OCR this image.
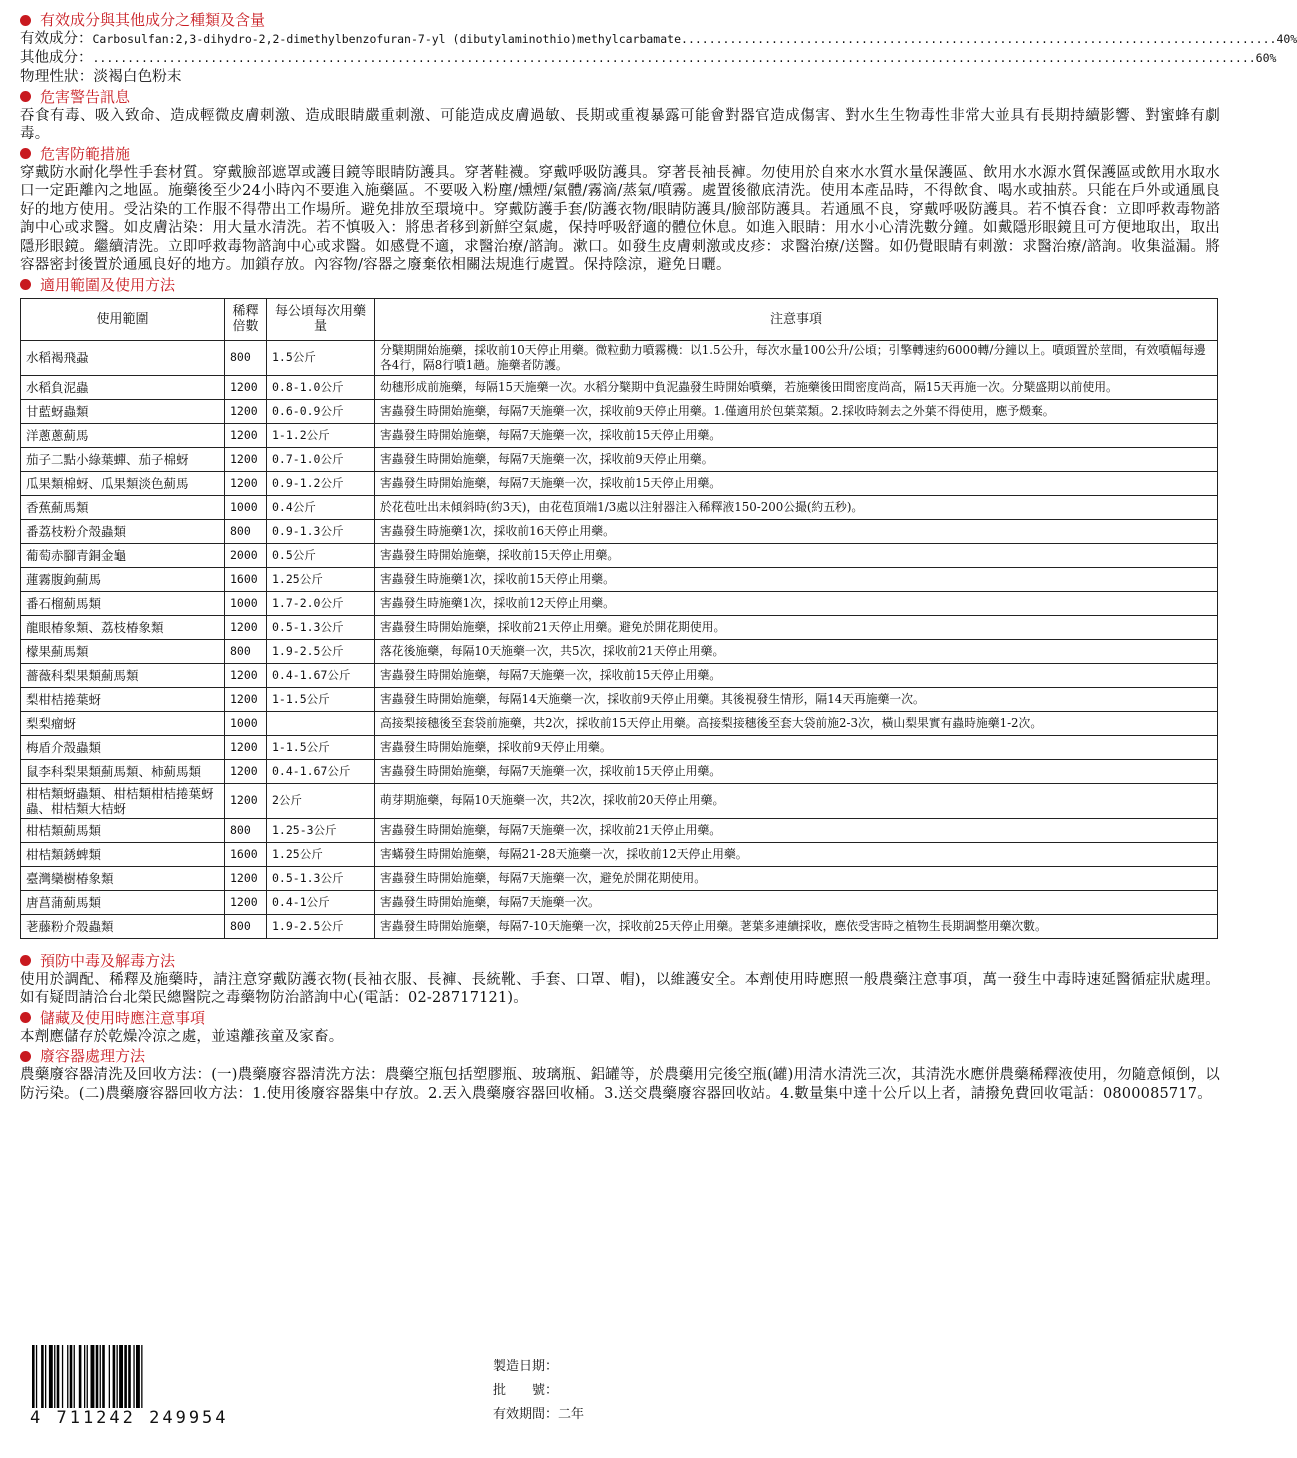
有效成分與其他成分之種類及含量
有效成分： Carbosulfan:2,3-dihydro-2,2-dimethylbenzofuran-7-yl (dibutylaminothio)methylcarbamate...................................................................................... 40%
其他成分： ........................................................................................................................................................................ 60%
物理性狀：淡褐白色粉末
危害警告訊息
吞食有毒、吸入致命、造成輕微皮膚刺激、造成眼睛嚴重刺激、可能造成皮膚過敏、長期或重複暴露可能會對器官造成傷害、對水生生物毒性非常大並具有長期持續影響、對蜜蜂有劇毒。
危害防範措施
穿戴防水耐化學性手套材質。穿戴臉部遮罩或護目鏡等眼睛防護具。穿著鞋襪。穿戴呼吸防護具。穿著長袖長褲。勿使用於自來水水質水量保護區、飲用水水源水質保護區或飲用水取水口一定距離內之地區。施藥後至少24小時內不要進入施藥區。不要吸入粉塵/燻煙/氣體/霧滴/蒸氣/噴霧。處置後徹底清洗。使用本產品時，不得飲食、喝水或抽菸。只能在戶外或通風良好的地方使用。受沾染的工作服不得帶出工作場所。避免排放至環境中。穿戴防護手套/防護衣物/眼睛防護具/臉部防護具。若通風不良，穿戴呼吸防護具。若不慎吞食：立即呼救毒物諮詢中心或求醫。如皮膚沾染：用大量水清洗。若不慎吸入：將患者移到新鮮空氣處，保持呼吸舒適的體位休息。如進入眼睛：用水小心清洗數分鐘。如戴隱形眼鏡且可方便地取出，取出隱形眼鏡。繼續清洗。立即呼救毒物諮詢中心或求醫。如感覺不適，求醫治療/諮詢。漱口。如發生皮膚刺激或皮疹：求醫治療/送醫。如仍覺眼睛有刺激：求醫治療/諮詢。收集溢漏。將容器密封後置於通風良好的地方。加鎖存放。內容物/容器之廢棄依相關法規進行處置。保持陰涼，避免日曬。
適用範圍及使用方法
使用範圍	稀釋倍數	每公頃每次用藥量	注意事項
水稻褐飛蝨	800	1.5公斤	分櫱期開始施藥，採收前10天停止用藥。微粒動力噴霧機：以1.5公升，每次水量100公升/公頃；引擎轉速約6000轉/分鐘以上。噴頭置於莖間，有效噴幅每邊各4行，隔8行噴1趟。施藥者防護。
水稻負泥蟲	1200	0.8-1.0公斤	幼穗形成前施藥，每隔15天施藥一次。水稻分櫱期中負泥蟲發生時開始噴藥，若施藥後田間密度尚高，隔15天再施一次。分櫱盛期以前使用。
甘藍蚜蟲類	1200	0.6-0.9公斤	害蟲發生時開始施藥，每隔7天施藥一次，採收前9天停止用藥。1.僅適用於包葉菜類。2.採收時剝去之外葉不得使用，應予燬棄。
洋蔥蔥薊馬	1200	1-1.2公斤	害蟲發生時開始施藥，每隔7天施藥一次，採收前15天停止用藥。
茄子二點小綠葉蟬、茄子棉蚜	1200	0.7-1.0公斤	害蟲發生時開始施藥，每隔7天施藥一次，採收前9天停止用藥。
瓜果類棉蚜、瓜果類淡色薊馬	1200	0.9-1.2公斤	害蟲發生時開始施藥，每隔7天施藥一次，採收前15天停止用藥。
香蕉薊馬類	1000	0.4公斤	於花苞吐出未傾斜時(約3天)，由花苞頂端1/3處以注射器注入稀釋液150-200公撮(約五秒)。
番荔枝粉介殼蟲類	800	0.9-1.3公斤	害蟲發生時施藥1次，採收前16天停止用藥。
葡萄赤腳青銅金龜	2000	0.5公斤	害蟲發生時開始施藥，採收前15天停止用藥。
蓮霧腹鉤薊馬	1600	1.25公斤	害蟲發生時施藥1次，採收前15天停止用藥。
番石榴薊馬類	1000	1.7-2.0公斤	害蟲發生時施藥1次，採收前12天停止用藥。
龍眼椿象類、荔枝椿象類	1200	0.5-1.3公斤	害蟲發生時開始施藥，採收前21天停止用藥。避免於開花期使用。
檬果薊馬類	800	1.9-2.5公斤	落花後施藥，每隔10天施藥一次，共5次，採收前21天停止用藥。
薔薇科梨果類薊馬類	1200	0.4-1.67公斤	害蟲發生時開始施藥，每隔7天施藥一次，採收前15天停止用藥。
梨柑桔捲葉蚜	1200	1-1.5公斤	害蟲發生時開始施藥，每隔14天施藥一次，採收前9天停止用藥。其後視發生情形，隔14天再施藥一次。
梨梨瘤蚜	1000		高接梨接穗後至套袋前施藥，共2次，採收前15天停止用藥。高接梨接穗後至套大袋前施2-3次，橫山梨果實有蟲時施藥1-2次。
梅盾介殼蟲類	1200	1-1.5公斤	害蟲發生時開始施藥，採收前9天停止用藥。
鼠李科梨果類薊馬類、柿薊馬類	1200	0.4-1.67公斤	害蟲發生時開始施藥，每隔7天施藥一次，採收前15天停止用藥。
柑桔類蚜蟲類、柑桔類柑桔捲葉蚜蟲、柑桔類大桔蚜	1200	2公斤	萌芽期施藥，每隔10天施藥一次，共2次，採收前20天停止用藥。
柑桔類薊馬類	800	1.25-3公斤	害蟲發生時開始施藥，每隔7天施藥一次，採收前21天停止用藥。
柑桔類銹蜱類	1600	1.25公斤	害蟎發生時開始施藥，每隔21-28天施藥一次，採收前12天停止用藥。
臺灣欒樹椿象類	1200	0.5-1.3公斤	害蟲發生時開始施藥，每隔7天施藥一次，避免於開花期使用。
唐菖蒲薊馬類	1200	0.4-1公斤	害蟲發生時開始施藥，每隔7天施藥一次。
荖藤粉介殼蟲類	800	1.9-2.5公斤	害蟲發生時開始施藥，每隔7-10天施藥一次，採收前25天停止用藥。荖葉多連續採收，應依受害時之植物生長期調整用藥次數。
預防中毒及解毒方法
使用於調配、稀釋及施藥時，請注意穿戴防護衣物(長袖衣服、長褲、長統靴、手套、口罩、帽)，以維護安全。本劑使用時應照一般農藥注意事項，萬一發生中毒時速延醫循症狀處理。如有疑問請洽台北榮民總醫院之毒藥物防治諮詢中心(電話：02-28717121)。
儲藏及使用時應注意事項
本劑應儲存於乾燥冷涼之處，並遠離孩童及家畜。
廢容器處理方法
農藥廢容器清洗及回收方法：(一)農藥廢容器清洗方法：農藥空瓶包括塑膠瓶、玻璃瓶、鋁罐等，於農藥用完後空瓶(罐)用清水清洗三次，其清洗水應併農藥稀釋液使用，勿隨意傾倒，以防污染。(二)農藥廢容器回收方法：1.使用後廢容器集中存放。2.丟入農藥廢容器回收桶。3.送交農藥廢容器回收站。4.數量集中達十公斤以上者，請撥免費回收電話：0800085717。
4 711242 249954
製造日期：
批　　號：
有效期間：二年
